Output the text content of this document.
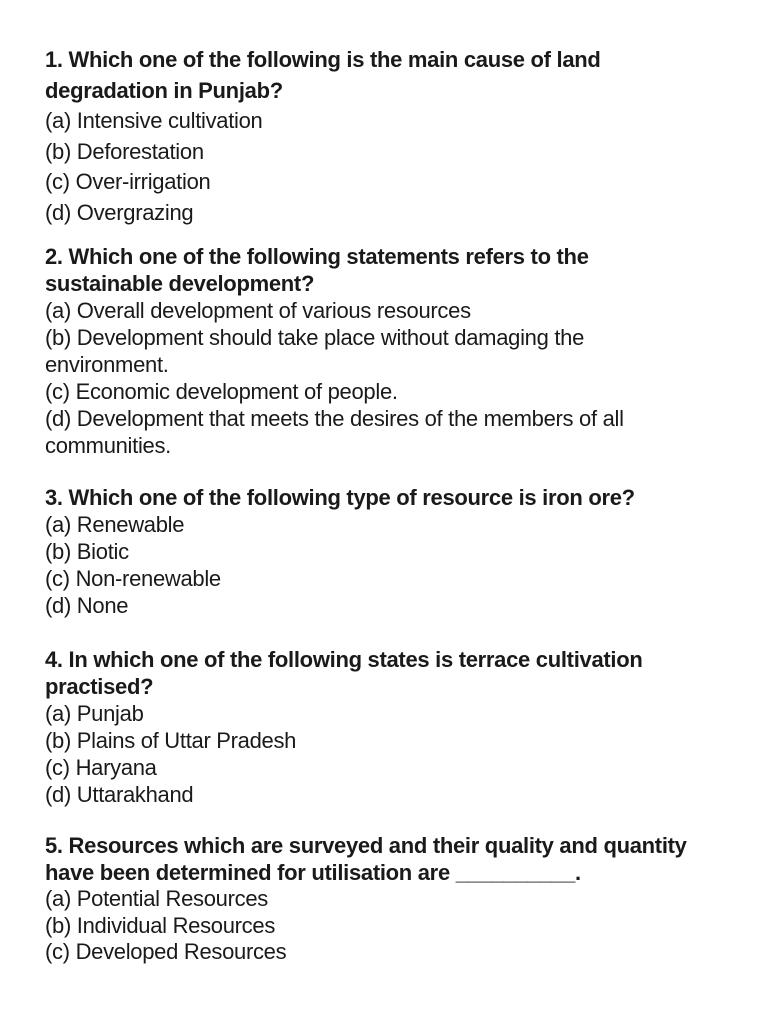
1. Which one of the following is the main cause of land
degradation in Punjab?
(a) Intensive cultivation
(b) Deforestation
(c) Over-irrigation
(d) Overgrazing
2. Which one of the following statements refers to the
sustainable development?
(a) Overall development of various resources
(b) Development should take place without damaging the
environment.
(c) Economic development of people.
(d) Development that meets the desires of the members of all
communities.
3. Which one of the following type of resource is iron ore?
(a) Renewable
(b) Biotic
(c) Non-renewable
(d) None
4. In which one of the following states is terrace cultivation
practised?
(a) Punjab
(b) Plains of Uttar Pradesh
(c) Haryana
(d) Uttarakhand
5. Resources which are surveyed and their quality and quantity
have been determined for utilisation are __________.
(a) Potential Resources
(b) Individual Resources
(c) Developed Resources
